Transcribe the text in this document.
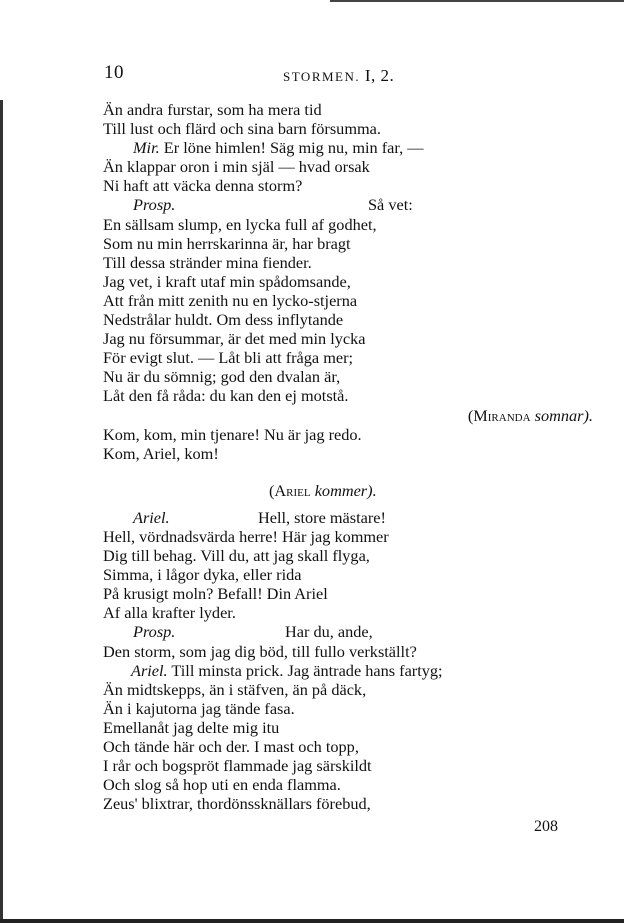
10	STORMEN. I, 2.
Än andra furstar, som ha mera tid
Till lust och flärd och sina barn försumma.
Mir. Er löne himlen! Säg mig nu, min far, —
Än klappar oron i min själ — hvad orsak
Ni haft att väcka denna storm?
Prosp.	Så vet:
En sällsam slump, en lycka full af godhet,
Som nu min herrskarinna är, har bragt
Till dessa stränder mina fiender.
Jag vet, i kraft utaf min spådomsande,
Att från mitt zenith nu en lycko-stjerna
Nedstrålar huldt. Om dess inflytande
Jag nu försummar, är det med min lycka
För evigt slut. — Låt bli att fråga mer;
Nu är du sömnig; god den dvalan är,
Låt den få råda: du kan den ej motstå.
(Miranda somnar).
Kom, kom, min tjenare! Nu är jag redo.
Kom, Ariel, kom!
(Ariel kommer).
Ariel.	Hell, store mästare!
Hell, vördnadsvärda herre! Här jag kommer
Dig till behag. Vill du, att jag skall flyga,
Simma, i lågor dyka, eller rida
På krusigt moln? Befall! Din Ariel
Af alla krafter lyder.
Prosp.	Har du, ande,
Den storm, som jag dig böd, till fullo verkställt?
Ariel. Till minsta prick. Jag äntrade hans fartyg;
Än midtskepps, än i stäfven, än på däck,
Än i kajutorna jag tände fasa.
Emellanåt jag delte mig itu
Och tände här och der. I mast och topp,
I rår och bogspröt flammade jag särskildt
Och slog så hop uti en enda flamma.
Zeus' blixtrar, thordönssknällars förebud,
208
